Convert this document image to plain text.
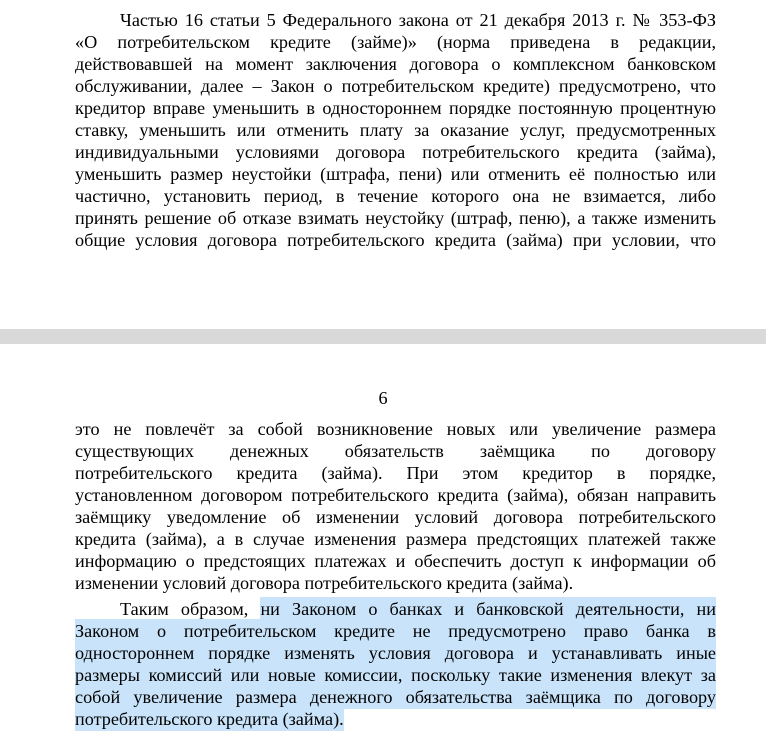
Частью 16 статьи 5 Федерального закона от 21 декабря 2013 г. № 353-ФЗ
«О потребительском кредите (займе)» (норма приведена в редакции,
действовавшей на момент заключения договора о комплексном банковском
обслуживании, далее – Закон о потребительском кредите) предусмотрено, что
кредитор вправе уменьшить в одностороннем порядке постоянную процентную
ставку, уменьшить или отменить плату за оказание услуг, предусмотренных
индивидуальными условиями договора потребительского кредита (займа),
уменьшить размер неустойки (штрафа, пени) или отменить её полностью или
частично, установить период, в течение которого она не взимается, либо
принять решение об отказе взимать неустойку (штраф, пеню), а также изменить
общие условия договора потребительского кредита (займа) при условии, что
6
это не повлечёт за собой возникновение новых или увеличение размера
существующих денежных обязательств заёмщика по договору
потребительского кредита (займа). При этом кредитор в порядке,
установленном договором потребительского кредита (займа), обязан направить
заёмщику уведомление об изменении условий договора потребительского
кредита (займа), а в случае изменения размера предстоящих платежей также
информацию о предстоящих платежах и обеспечить доступ к информации об
изменении условий договора потребительского кредита (займа).
Таким образом, ни Законом о банках и банковской деятельности, ни
Законом о потребительском кредите не предусмотрено право банка в
одностороннем порядке изменять условия договора и устанавливать иные
размеры комиссий или новые комиссии, поскольку такие изменения влекут за
собой увеличение размера денежного обязательства заёмщика по договору
потребительского кредита (займа).
